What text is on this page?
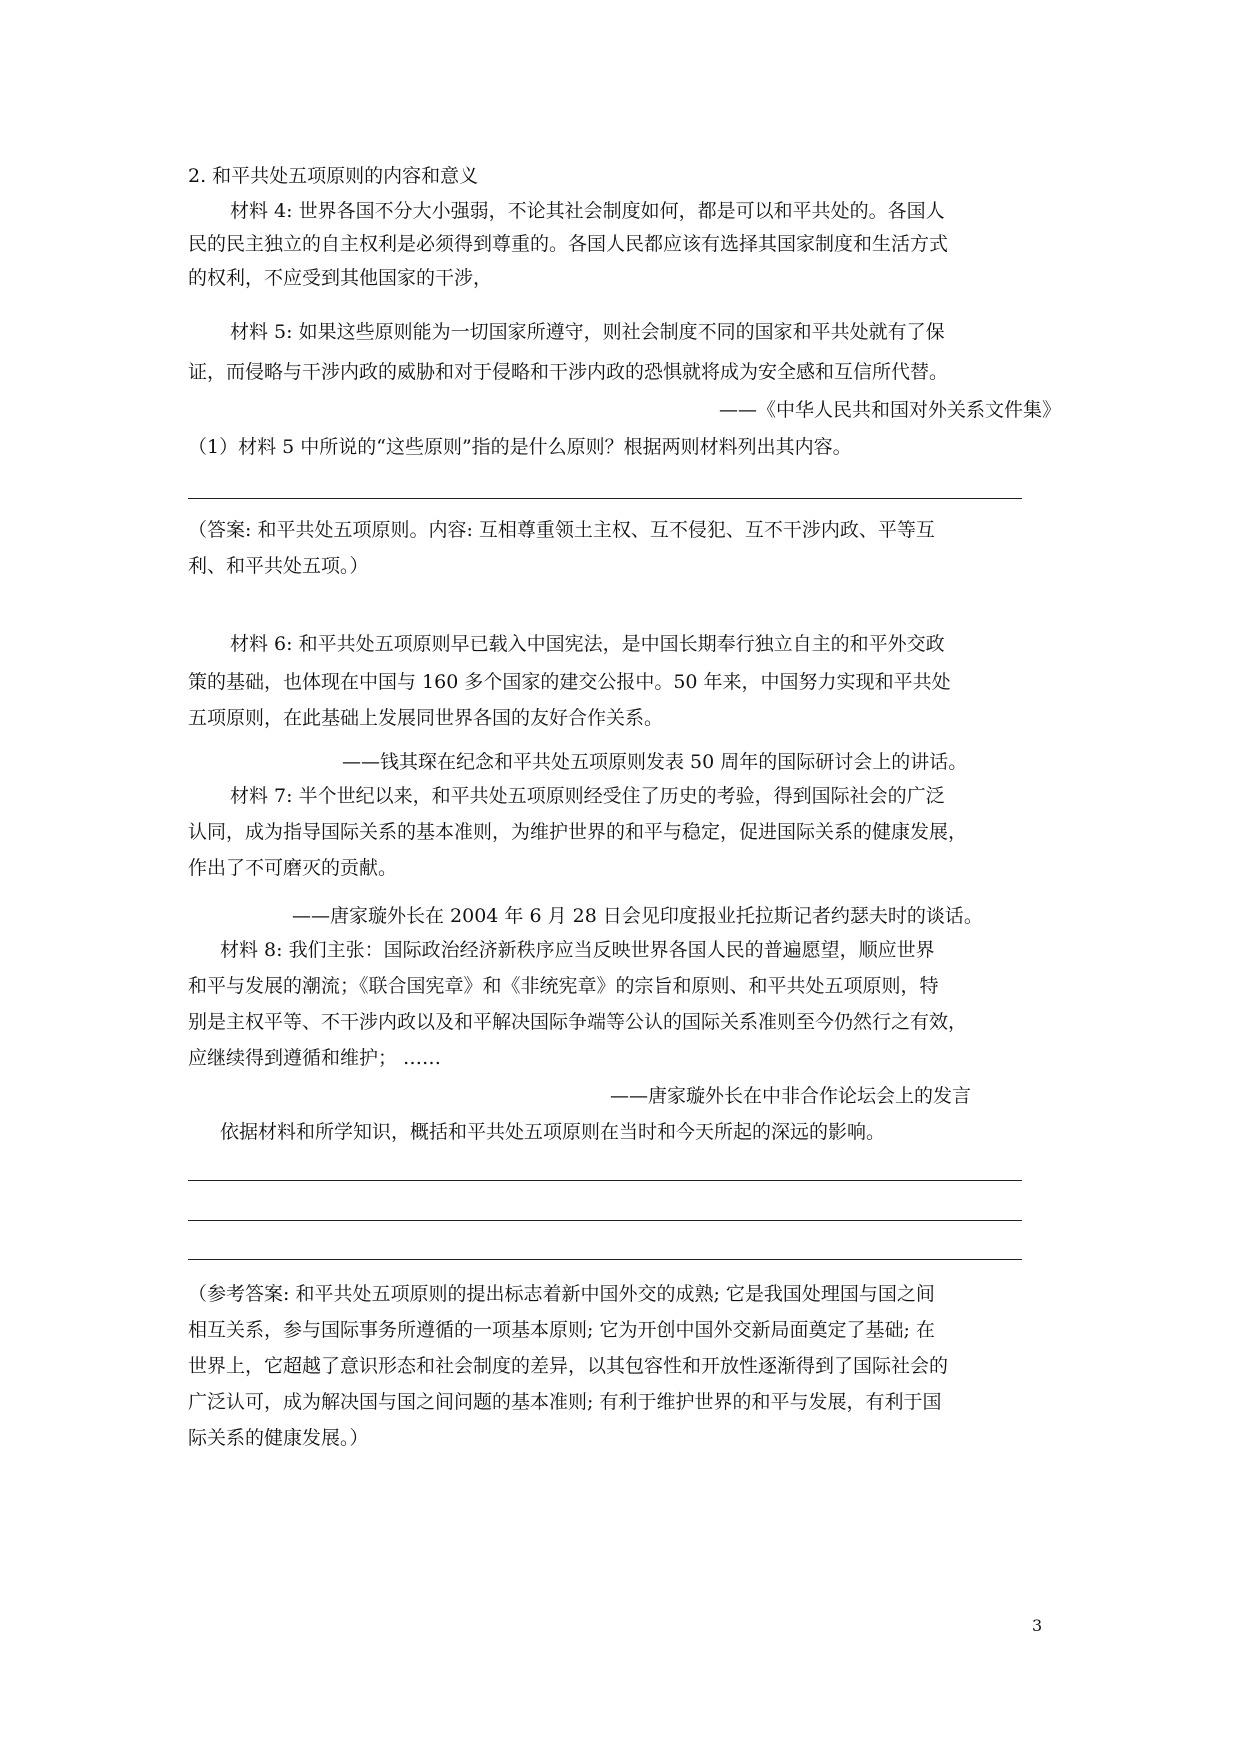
2. 和平共处五项原则的内容和意义
材料 4: 世界各国不分大小强弱，不论其社会制度如何，都是可以和平共处的。各国人
民的民主独立的自主权利是必须得到尊重的。各国人民都应该有选择其国家制度和生活方式
的权利，不应受到其他国家的干涉，
材料 5: 如果这些原则能为一切国家所遵守，则社会制度不同的国家和平共处就有了保
证，而侵略与干涉内政的威胁和对于侵略和干涉内政的恐惧就将成为安全感和互信所代替。
——《中华人民共和国对外关系文件集》
（1）材料 5 中所说的“这些原则”指的是什么原则？根据两则材料列出其内容。
（答案: 和平共处五项原则。内容: 互相尊重领土主权、互不侵犯、互不干涉内政、平等互
利、和平共处五项。）
材料 6: 和平共处五项原则早已载入中国宪法，是中国长期奉行独立自主的和平外交政
策的基础，也体现在中国与 160 多个国家的建交公报中。50 年来，中国努力实现和平共处
五项原则，在此基础上发展同世界各国的友好合作关系。
——钱其琛在纪念和平共处五项原则发表 50 周年的国际研讨会上的讲话。
材料 7: 半个世纪以来，和平共处五项原则经受住了历史的考验，得到国际社会的广泛
认同，成为指导国际关系的基本准则，为维护世界的和平与稳定，促进国际关系的健康发展，
作出了不可磨灭的贡献。
——唐家璇外长在 2004 年 6 月 28 日会见印度报业托拉斯记者约瑟夫时的谈话。
材料 8: 我们主张：国际政治经济新秩序应当反映世界各国人民的普遍愿望，顺应世界
和平与发展的潮流；《联合国宪章》和《非统宪章》的宗旨和原则、和平共处五项原则，特
别是主权平等、不干涉内政以及和平解决国际争端等公认的国际关系准则至今仍然行之有效，
应继续得到遵循和维护； ……
——唐家璇外长在中非合作论坛会上的发言
依据材料和所学知识，概括和平共处五项原则在当时和今天所起的深远的影响。
（参考答案: 和平共处五项原则的提出标志着新中国外交的成熟; 它是我国处理国与国之间
相互关系，参与国际事务所遵循的一项基本原则; 它为开创中国外交新局面奠定了基础; 在
世界上，它超越了意识形态和社会制度的差异，以其包容性和开放性逐渐得到了国际社会的
广泛认可，成为解决国与国之间问题的基本准则; 有利于维护世界的和平与发展，有利于国
际关系的健康发展。）
3
